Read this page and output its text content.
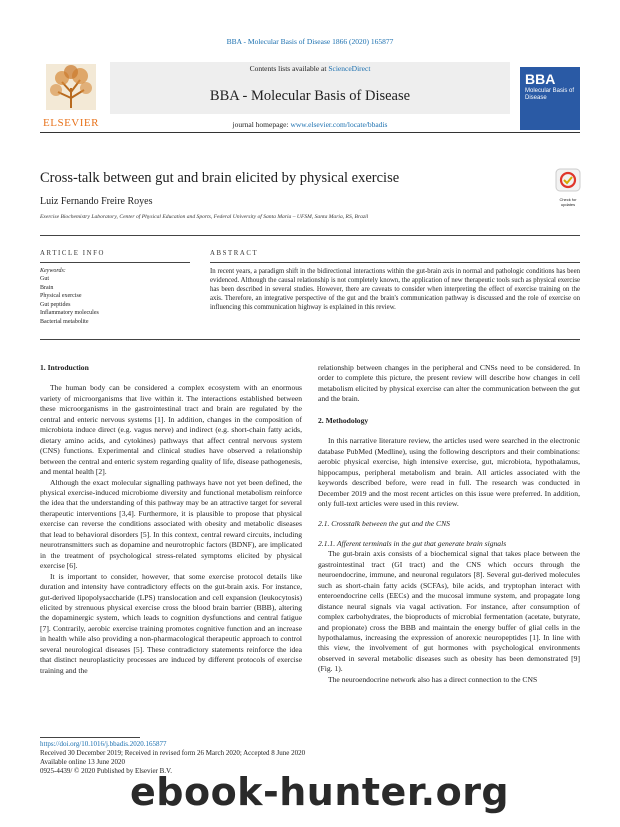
BBA - Molecular Basis of Disease 1866 (2020) 165877
ELSEVIER
Contents lists available at ScienceDirect
BBA - Molecular Basis of Disease
journal homepage: www.elsevier.com/locate/bbadis
BBA
Molecular Basis of Disease
Cross-talk between gut and brain elicited by physical exercise
Check for updates
Luiz Fernando Freire Royes
Exercise Biochemistry Laboratory, Center of Physical Education and Sports, Federal University of Santa Maria – UFSM, Santa Maria, RS, Brazil
ARTICLE INFO	ABSTRACT
Keywords:
Gut
Brain
Physical exercise
Gut peptides
Inflammatory molecules
Bacterial metabolite
In recent years, a paradigm shift in the bidirectional interactions within the gut-brain axis in normal and pathologic conditions has been evidenced. Although the causal relationship is not completely known, the application of new therapeutic tools such as physical exercise has been described in several studies. However, there are caveats to consider when interpreting the effect of exercise training on the axis. Therefore, an integrative perspective of the gut and the brain's communication pathway is discussed and the role of exercise on influencing this communication highway is explained in this review.
1. Introduction

The human body can be considered a complex ecosystem with an enormous variety of microorganisms that live within it. The interactions established between these microorganisms in the gastrointestinal tract and brain are regulated by the central and enteric nervous systems [1]. In addition, changes in the composition of microbiota induce direct (e.g. vagus nerve) and indirect (e.g. short-chain fatty acids, dietary amino acids, and cytokines) pathways that affect central nervous system (CNS) functions. Experimental and clinical studies have observed a relationship between the central and enteric system regarding quality of life, disease pathogenesis, and mental health [2].

Although the exact molecular signalling pathways have not yet been defined, the physical exercise-induced microbiome diversity and functional metabolism reinforce the idea that the understanding of this pathway may be an attractive target for several therapeutic interventions [3,4]. Furthermore, it is plausible to propose that physical exercise can reverse the conditions associated with obesity and metabolic diseases that lead to behavioral disorders [5]. In this context, central reward circuits, including neurotransmitters such as dopamine and neurotrophic factors (BDNF), are implicated in the treatment of psychological stress-related symptoms elicited by physical exercise [6].

It is important to consider, however, that some exercise protocol details like duration and intensity have contradictory effects on the gut-brain axis. For instance, gut-derived lipopolysaccharide (LPS) translocation and cell expansion (leukocytosis) elicited by strenuous physical exercise cross the blood brain barrier (BBB), altering the dopaminergic system, which leads to cognition dysfunctions and central fatigue [7]. Contrarily, aerobic exercise training promotes cognitive function and an increase in health while also providing a non-pharmacological therapeutic approach to control several neurological diseases [5]. These contradictory statements reinforce the idea that distinct neuroplasticity processes are induced by different protocols of exercise training and the

relationship between changes in the peripheral and CNSs need to be considered. In order to complete this picture, the present review will describe how changes in cell metabolism elicited by physical exercise can alter the communication between the gut and the brain.

2. Methodology

In this narrative literature review, the articles used were searched in the electronic database PubMed (Medline), using the following descriptors and their combinations: aerobic physical exercise, high intensive exercise, gut, microbiota, hypothalamus, hippocampus, peripheral metabolism and brain. All articles associated with the keywords described before, were read in full. The research was conducted in December 2019 and the most recent articles on this issue were preferred. In addition, only full-text articles were used in this review.

2.1. Crosstalk between the gut and the CNS
2.1.1. Afferent terminals in the gut that generate brain signals

The gut-brain axis consists of a biochemical signal that takes place between the gastrointestinal tract (GI tract) and the CNS which occurs through the neuroendocrine, immune, and neuronal regulators [8]. Several gut-derived molecules such as short-chain fatty acids (SCFAs), bile acids, and tryptophan interact with enteroendocrine cells (EECs) and the mucosal immune system, and propagate long distance neural signals via vagal activation. For instance, after consumption of complex carbohydrates, the bioproducts of microbial fermentation (acetate, butyrate, and propionate) cross the BBB and maintain the energy buffer of glial cells in the hypothalamus, increasing the expression of anorexic neuropeptides [1]. In line with this view, the involvement of gut hormones with psychological environments observed in several metabolic diseases such as obesity has been demonstrated [9] (Fig. 1).

The neuroendocrine network also has a direct connection to the CNS

https://doi.org/10.1016/j.bbadis.2020.165877
Received 30 December 2019; Received in revised form 26 March 2020; Accepted 8 June 2020
Available online 13 June 2020
0925-4439/ © 2020 Published by Elsevier B.V.
ebook-hunter.org
